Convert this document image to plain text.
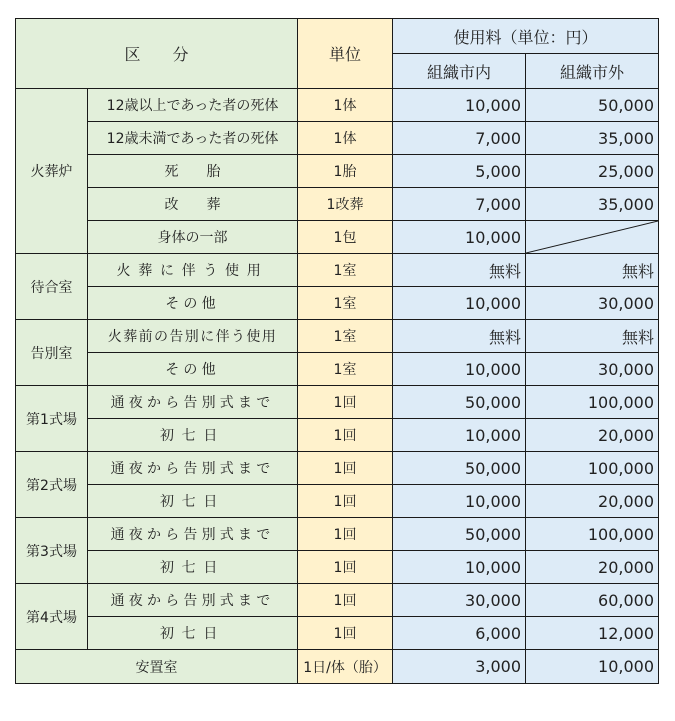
区　　分		単位	使用料（単位：円）	
			組織市内	組織市外
火葬炉	12歳以上であった者の死体	1体	10,000	50,000
	12歳未満であった者の死体	1体	7,000	35,000
	死　　胎	1胎	5,000	25,000
	改　　葬	1改葬	7,000	35,000
	身体の一部	1包	10,000	

待合室	火葬に伴う使用	1室	無料	無料
	その他	1室	10,000	30,000
告別室	火葬前の告別に伴う使用	1室	無料	無料
	その他	1室	10,000	30,000
第1式場	通夜から告別式まで	1回	50,000	100,000
	初七日	1回	10,000	20,000
第2式場	通夜から告別式まで	1回	50,000	100,000
	初七日	1回	10,000	20,000
第3式場	通夜から告別式まで	1回	50,000	100,000
	初七日	1回	10,000	20,000
第4式場	通夜から告別式まで	1回	30,000	60,000
	初七日	1回	6,000	12,000
安置室		1日/体（胎）	3,000	10,000
